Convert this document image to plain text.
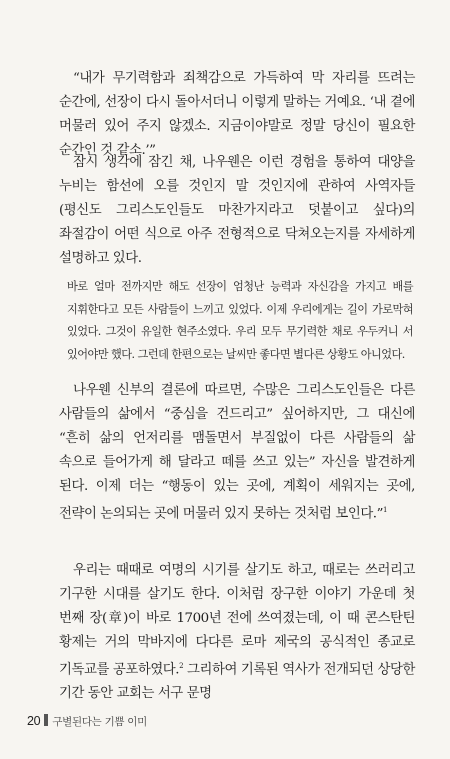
“내가 무기력함과 죄책감으로 가득하여 막 자리를 뜨려는 순간에, 선장이 다시 돌아서더니 이렇게 말하는 거예요. ‘내 곁에 머물러 있어 주지 않겠소. 지금이야말로 정말 당신이 필요한 순간인 것 같소.’”

잠시 생각에 잠긴 채, 나우웬은 이런 경험을 통하여 대양을 누비는 함선에 오를 것인지 말 것인지에 관하여 사역자들(평신도 그리스도인들도 마찬가지라고 덧붙이고 싶다)의 좌절감이 어떤 식으로 아주 전형적으로 닥쳐오는지를 자세하게 설명하고 있다.

바로 얼마 전까지만 해도 선장이 엄청난 능력과 자신감을 가지고 배를 지휘한다고 모든 사람들이 느끼고 있었다. 이제 우리에게는 길이 가로막혀 있었다. 그것이 유일한 현주소였다. 우리 모두 무기력한 채로 우두커니 서 있어야만 했다. 그런데 한편으로는 날씨만 좋다면 별다른 상황도 아니었다.

나우웬 신부의 결론에 따르면, 수많은 그리스도인들은 다른 사람들의 삶에서 “중심을 건드리고” 싶어하지만, 그 대신에 “흔히 삶의 언저리를 맴돌면서 부질없이 다른 사람들의 삶 속으로 들어가게 해 달라고 떼를 쓰고 있는” 자신을 발견하게 된다. 이제 더는 “행동이 있는 곳에, 계획이 세워지는 곳에, 전략이 논의되는 곳에 머물러 있지 못하는 것처럼 보인다.”$^1$

우리는 때때로 여명의 시기를 살기도 하고, 때로는 쓰러리고 기구한 시대를 살기도 한다. 이처럼 장구한 이야기 가운데 첫 번째 장(章)이 바로 1700년 전에 쓰여졌는데, 이 때 콘스탄틴 황제는 거의 막바지에 다다른 로마 제국의 공식적인 종교로 기독교를 공포하였다.$^2$ 그리하여 기록된 역사가 전개되던 상당한 기간 동안 교회는 서구 문명

20 구별된다는 기쁨 이미
